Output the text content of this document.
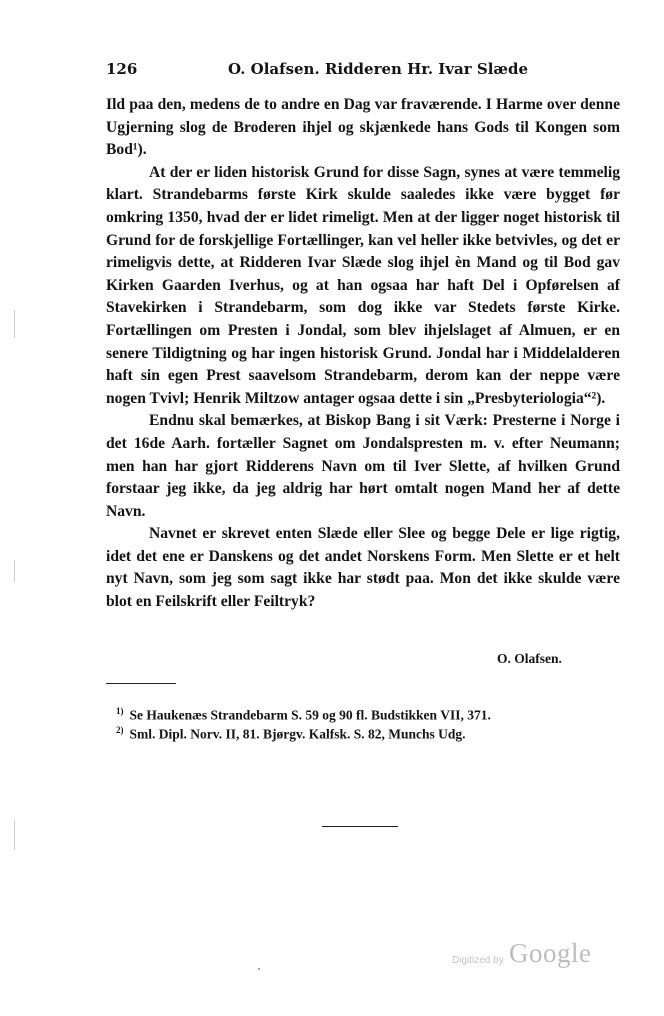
126	O. Olafsen. Ridderen Hr. Ivar Slæde

Ild paa den, medens de to andre en Dag var fraværende. I Harme over denne Ugjerning slog de Broderen ihjel og skjænkede hans Gods til Kongen som Bod¹).

At der er liden historisk Grund for disse Sagn, synes at være temmelig klart. Strandebarms første Kirk skulde saaledes ikke være bygget før omkring 1350, hvad der er lidet rimeligt. Men at der ligger noget historisk til Grund for de forskjellige Fortællinger, kan vel heller ikke betvivles, og det er rimeligvis dette, at Ridderen Ivar Slæde slog ihjel èn Mand og til Bod gav Kirken Gaarden Iverhus, og at han ogsaa har haft Del i Opførelsen af Stavekirken i Strandebarm, som dog ikke var Stedets første Kirke. Fortællingen om Presten i Jondal, som blev ihjelslaget af Almuen, er en senere Tildigtning og har ingen historisk Grund. Jondal har i Middelalderen haft sin egen Prest saavelsom Strandebarm, derom kan der neppe være nogen Tvivl; Henrik Miltzow antager ogsaa dette i sin „Presbyteriologia“²).

Endnu skal bemærkes, at Biskop Bang i sit Værk: Presterne i Norge i det 16de Aarh. fortæller Sagnet om Jondalspresten m. v. efter Neumann; men han har gjort Ridderens Navn om til Iver Slette, af hvilken Grund forstaar jeg ikke, da jeg aldrig har hørt omtalt nogen Mand her af dette Navn.

Navnet er skrevet enten Slæde eller Slee og begge Dele er lige rigtig, idet det ene er Danskens og det andet Norskens Form. Men Slette er et helt nyt Navn, som jeg som sagt ikke har stødt paa. Mon det ikke skulde være blot en Feilskrift eller Feiltryk?

O. Olafsen.
$^{1)}$ Se Haukenæs Strandebarm S. 59 og 90 fl. Budstikken VII, 371.
$^{2)}$ Sml. Dipl. Norv. II, 81. Bjørgv. Kalfsk. S. 82, Munchs Udg.
Digitized by Google
